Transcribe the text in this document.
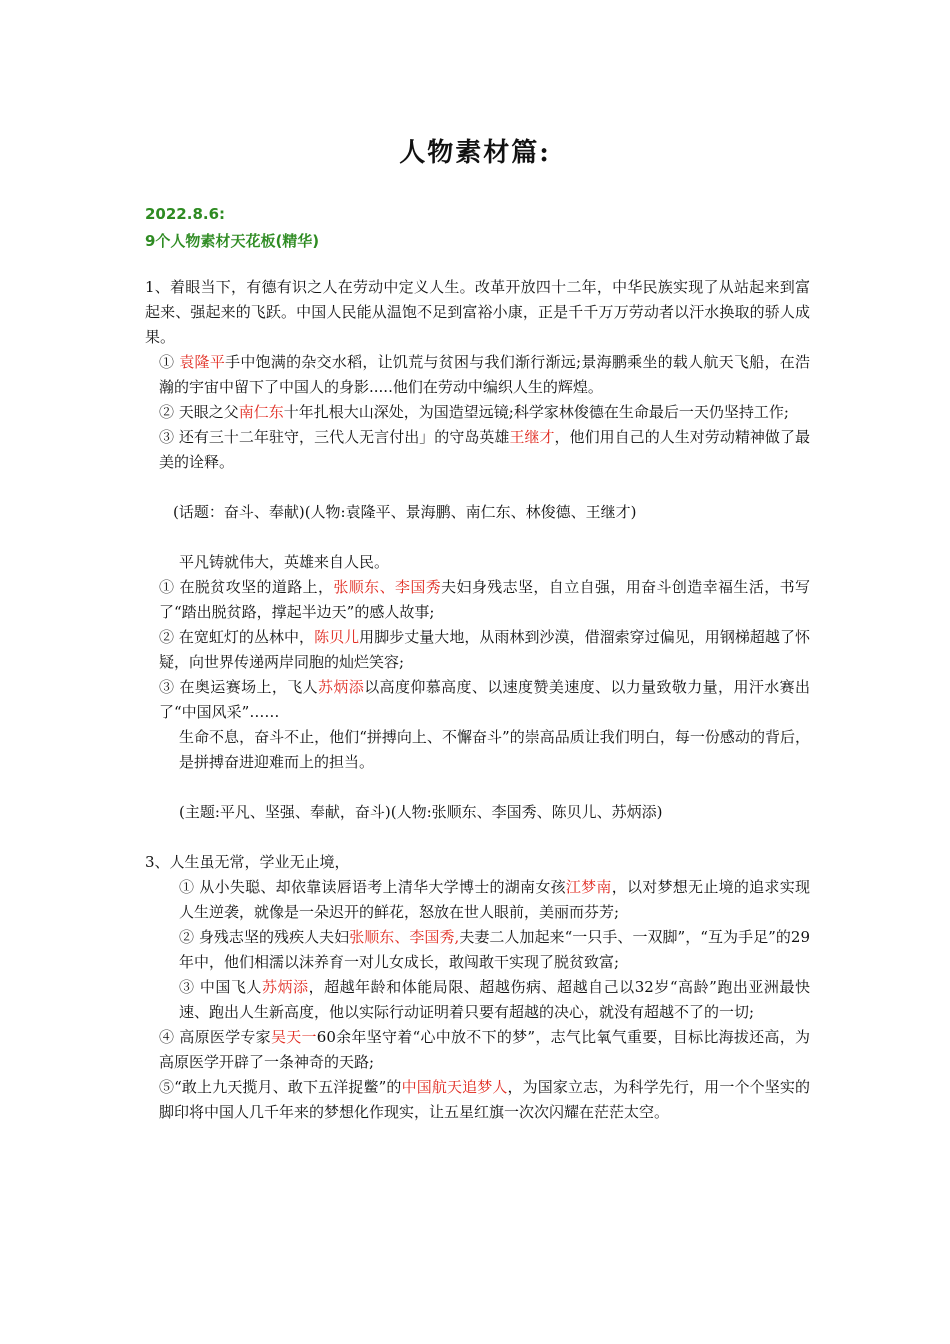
人物素材篇:
2022.8.6:
9个人物素材天花板(精华)

1、着眼当下，有德有识之人在劳动中定义人生。改革开放四十二年，中华民族实现了从站起来到富起来、强起来的飞跃。中国人民能从温饱不足到富裕小康，正是千千万万劳动者以汗水换取的骄人成果。

① 袁隆平手中饱满的杂交水稻，让饥荒与贫困与我们渐行渐远;景海鹏乘坐的载人航天飞船，在浩瀚的宇宙中留下了中国人的身影.....他们在劳动中编织人生的辉煌。

② 天眼之父南仁东十年扎根大山深处，为国造望远镜;科学家林俊德在生命最后一天仍坚持工作;

③ 还有三十二年驻守，三代人无言付出」的守岛英雄王继才，他们用自己的人生对劳动精神做了最美的诠释。

(话题：奋斗、奉献)(人物:袁隆平、景海鹏、南仁东、林俊德、王继才)

平凡铸就伟大，英雄来自人民。

① 在脱贫攻坚的道路上，张顺东、李国秀夫妇身残志坚，自立自强，用奋斗创造幸福生活，书写了“踏出脱贫路，撑起半边天”的感人故事;

② 在宽虹灯的丛林中，陈贝儿用脚步丈量大地，从雨林到沙漠，借溜索穿过偏见，用钢梯超越了怀疑，向世界传递两岸同胞的灿烂笑容;

③ 在奥运赛场上，飞人苏炳添以高度仰慕高度、以速度赞美速度、以力量致敬力量，用汗水赛出了“中国风采”……

生命不息，奋斗不止，他们“拼搏向上、不懈奋斗”的崇高品质让我们明白，每一份感动的背后，是拼搏奋进迎难而上的担当。

(主题:平凡、坚强、奉献，奋斗)(人物:张顺东、李国秀、陈贝儿、苏炳添)

3、人生虽无常，学业无止境，

① 从小失聪、却依靠读唇语考上清华大学博士的湖南女孩江梦南，以对梦想无止境的追求实现人生逆袭，就像是一朵迟开的鲜花，怒放在世人眼前，美丽而芬芳;

② 身残志坚的残疾人夫妇张顺东、李国秀,夫妻二人加起来“一只手、一双脚”，“互为手足”的29年中，他们相濡以沫养育一对儿女成长，敢闯敢干实现了脱贫致富;

③ 中国飞人苏炳添，超越年龄和体能局限、超越伤病、超越自己以32岁“高龄”跑出亚洲最快速、跑出人生新高度，他以实际行动证明着只要有超越的决心，就没有超越不了的一切;

④ 高原医学专家吴天一60余年坚守着“心中放不下的梦”，志气比氧气重要，目标比海拔还高，为高原医学开辟了一条神奇的天路;

⑤“敢上九天揽月、敢下五洋捉鳖”的中国航天追梦人，为国家立志，为科学先行，用一个个坚实的脚印将中国人几千年来的梦想化作现实，让五星红旗一次次闪耀在茫茫太空。
